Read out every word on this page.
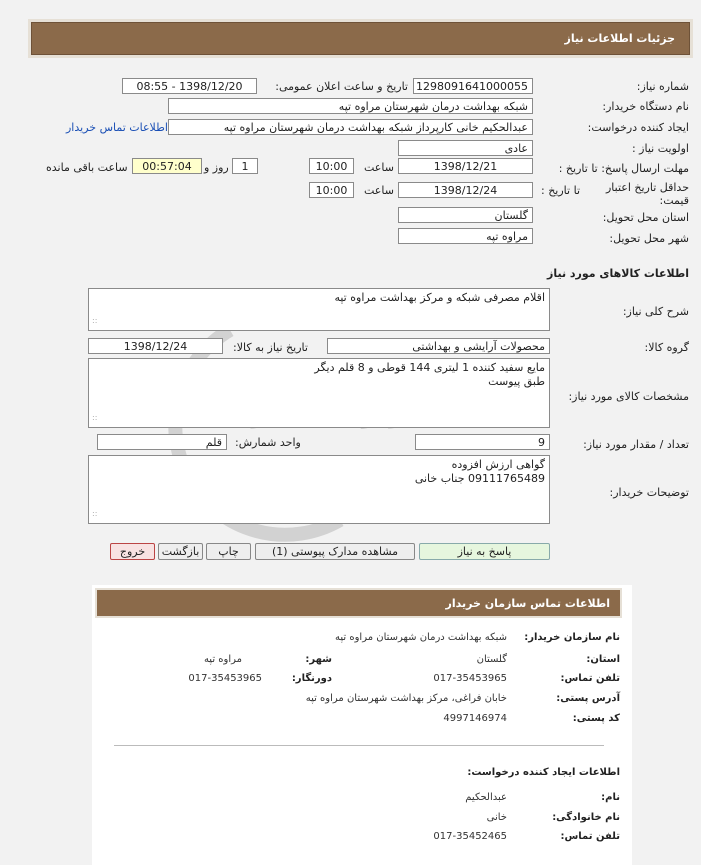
جزئیات اطلاعات نیاز
شماره نیاز:
1298091641000055
تاریخ و ساعت اعلان عمومی:
1398/12/20 - 08:55
نام دستگاه خریدار:
شبکه بهداشت درمان شهرستان مراوه تپه
ایجاد کننده درخواست:
عبدالحکیم خانی کارپرداز شبکه بهداشت درمان شهرستان مراوه تپه
اطلاعات تماس خریدار
اولویت نیاز :
عادی
مهلت ارسال پاسخ: تا تاریخ :
1398/12/21
ساعت
10:00
1
روز و
00:57:04
ساعت باقی مانده
حداقل تاریخ اعتبار قیمت:
تا تاریخ :
1398/12/24
ساعت
10:00
استان محل تحویل:
گلستان
شهر محل تحویل:
مراوه تپه
اطلاعات کالاهای مورد نیاز
شرح کلی نیاز:
اقلام مصرفی شبکه و مرکز بهداشت مراوه تپه
::
گروه کالا:
محصولات آرایشی و بهداشتی
تاریخ نیاز به کالا:
1398/12/24
مشخصات کالای مورد نیاز:
مایع سفید کننده 1 لیتری 144 قوطی و 8 قلم دیگر
طبق پیوست
::
تعداد / مقدار مورد نیاز:
9
واحد شمارش:
قلم
توضیحات خریدار:
گواهی ارزش افزوده
09111765489 جناب خانی
::
پاسخ به نیاز
مشاهده مدارک پیوستی (1)
چاپ
بازگشت
خروج
اطلاعات تماس سازمان خریدار
نام سازمان خریدار:
شبکه بهداشت درمان شهرستان مراوه تپه
استان:
گلستان
شهر:
مراوه تپه
تلفن تماس:
017-35453965
دورنگار:
017-35453965
آدرس پستی:
خابان فراغی، مرکز بهداشت شهرستان مراوه تپه
کد پستی:
4997146974
اطلاعات ایجاد کننده درخواست:
نام:
عبدالحکیم
نام خانوادگی:
خانی
تلفن تماس:
017-35452465
